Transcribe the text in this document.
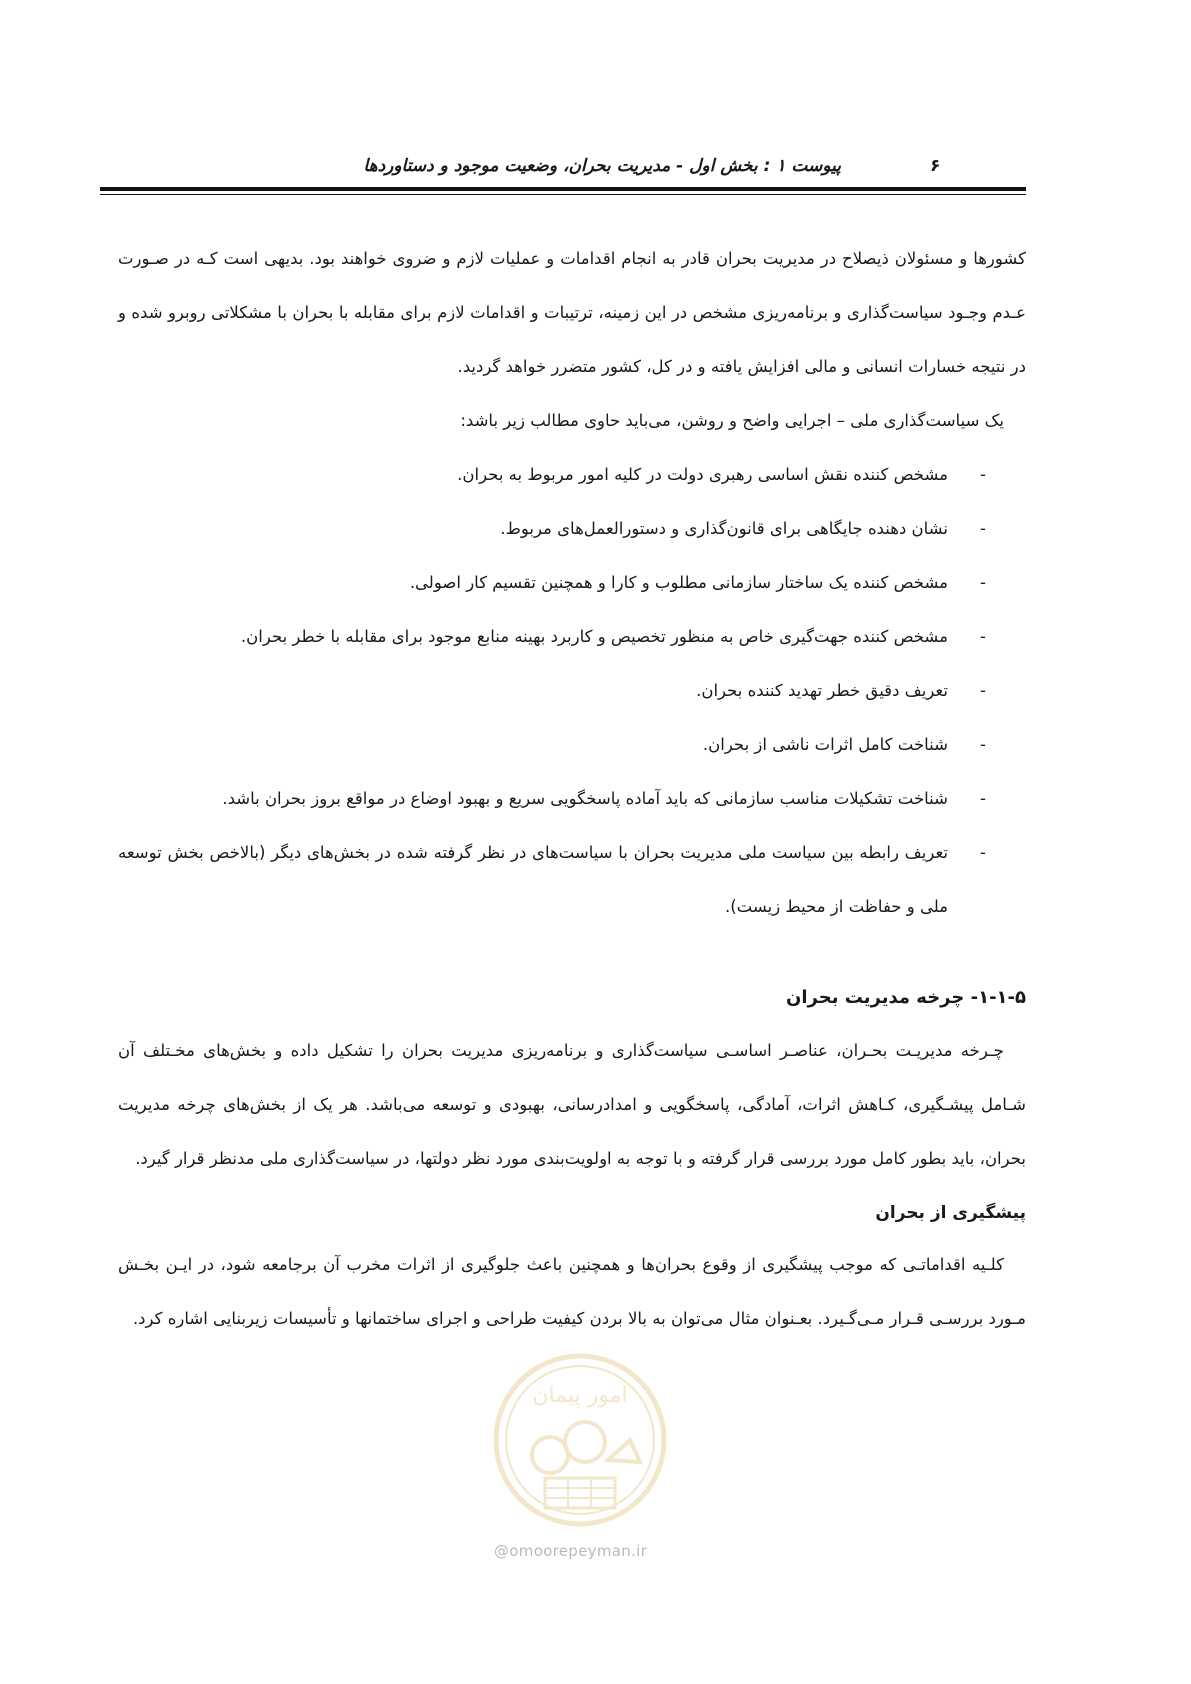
پیوست ۱ : بخش اول - مدیریت بحران، وضعیت موجود و دستاوردها	۶

کشورها و مسئولان ذیصلاح در مدیریت بحران قادر به انجام اقدامات و عملیات لازم و ضروی خواهند بود. بدیهی است کـه در صـورت عـدم وجـود سیاست‌گذاری و برنامه‌ریزی مشخص در این زمینه، ترتیبات و اقدامات لازم برای مقابله با بحران با مشکلاتی روبرو شده و در نتیجه خسارات انسانی و مالی افزایش یافته و در کل، کشور متضرر خواهد گردید.

یک سیاست‌گذاری ملی – اجرایی واضح و روشن، می‌باید حاوی مطالب زیر باشد:

-
مشخص کننده نقش اساسی رهبری دولت در کلیه امور مربوط به بحران.
-
نشان دهنده جایگاهی برای قانون‌گذاری و دستورالعمل‌های مربوط.
-
مشخص کننده یک ساختار سازمانی مطلوب و کارا و همچنین تقسیم کار اصولی.
-
مشخص کننده جهت‌گیری خاص به منظور تخصیص و کاربرد بهینه منابع موجود برای مقابله با خطر بحران.
-
تعریف دقیق خطر تهدید کننده بحران.
-
شناخت کامل اثرات ناشی از بحران.
-
شناخت تشکیلات مناسب سازمانی که باید آماده پاسخگویی سریع و بهبود اوضاع در مواقع بروز بحران باشد.
-
تعریف رابطه بین سیاست ملی مدیریت بحران با سیاست‌های در نظر گرفته شده در بخش‌های دیگر (بالاخص بخش توسعه ملی و حفاظت از محیط زیست).
۱-۱-۵- چرخه مدیریت بحران

چـرخه مدیریـت بحـران، عناصـر اساسـی سیاست‌گذاری و برنامه‌ریزی مدیریت بحران را تشکیل داده و بخش‌های مخـتلف آن شـامل پیشـگیری، کـاهش اثرات، آمادگی، پاسخگویی و امدادرسانی، بهبودی و توسعه می‌باشد. هر یک از بخش‌های چرخه مدیریت بحران، باید بطور کامل مورد بررسی قرار گرفته و با توجه به اولویت‌بندی مورد نظر دولتها، در سیاست‌گذاری ملی مدنظر قرار گیرد.

پیشگیری از بحران

کلـیه اقداماتـی که موجب پیشگیری از وقوع بحران‌ها و همچنین باعث جلوگیری از اثرات مخرب آن برجامعه شود، در ایـن بخـش مـورد بررسـی قـرار مـی‌گـیرد. بعـنوان مثال می‌توان به بالا بردن کیفیت طراحی و اجرای ساختمانها و تأسیسات زیربنایی اشاره کرد.

امور پیمان
@omoorepeyman.ir
